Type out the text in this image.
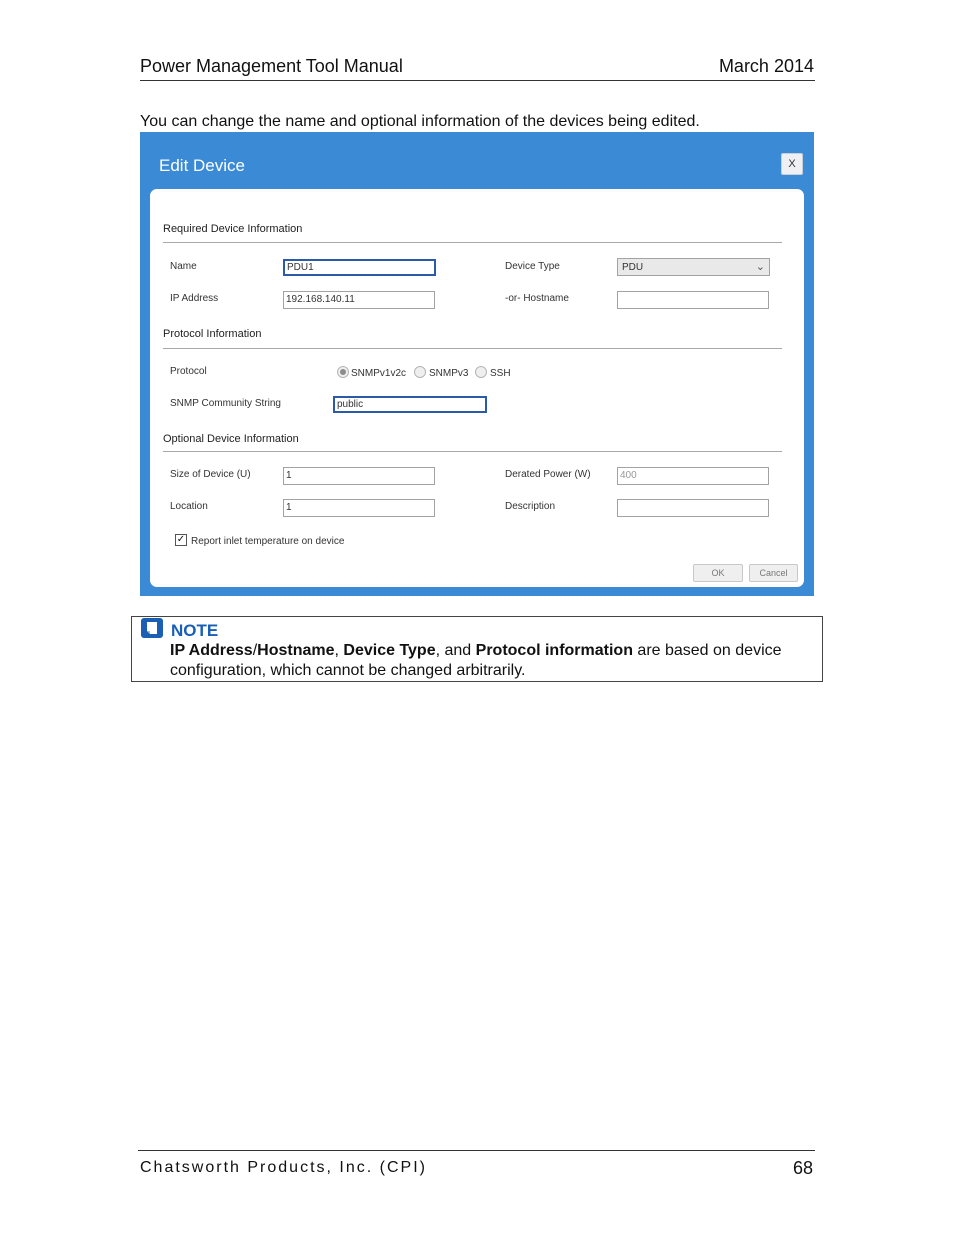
Power Management Tool Manual	March 2014
You can change the name and optional information of the devices being edited.
Edit Device	X
Required Device Information
Name	PDU1	Device Type	PDU	⌄
IP Address	192.168.140.11	-or- Hostname
Protocol Information
Protocol	SNMPv1v2c SNMPv3 SSH
SNMP Community String	public
Optional Device Information
Size of Device (U)	1	Derated Power (W)	400
Location	1	Description
✓ Report inlet temperature on device
OK	Cancel
NOTE
IP Address/Hostname, Device Type, and Protocol information are based on device configuration, which cannot be changed arbitrarily.
Chatsworth Products, Inc. (CPI)	68
